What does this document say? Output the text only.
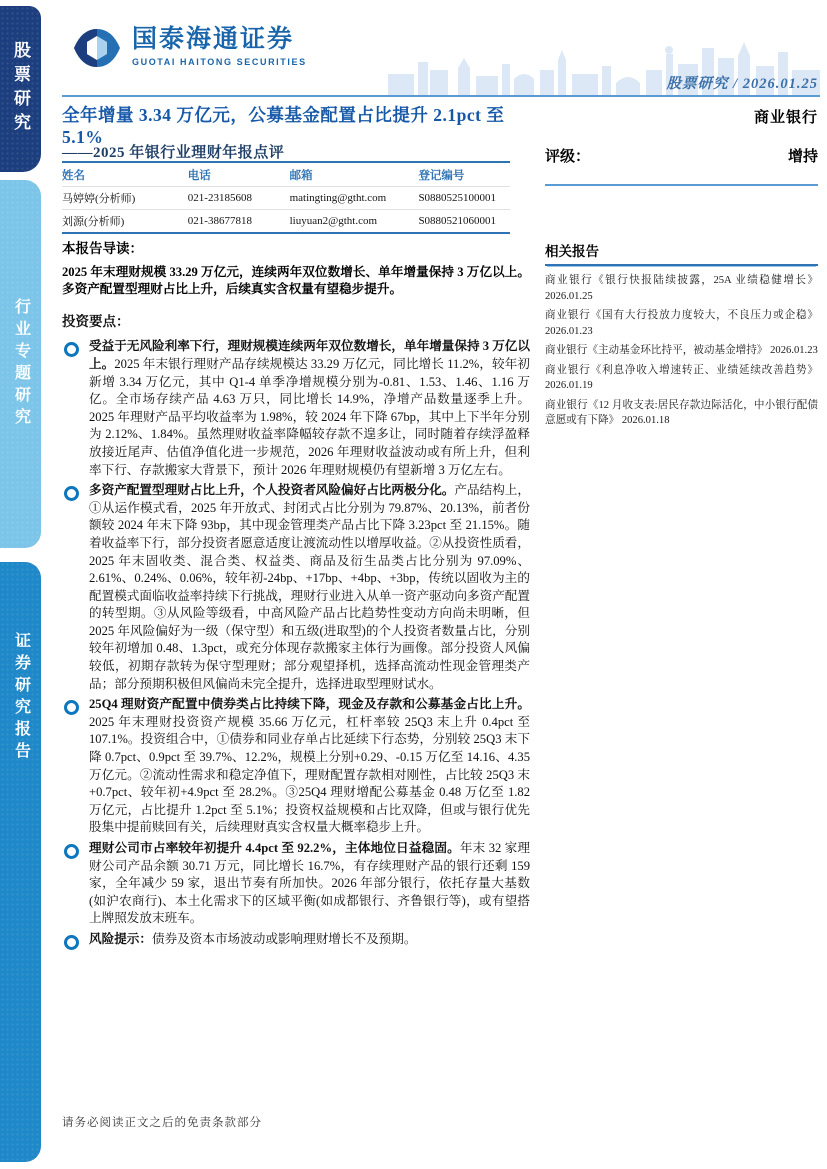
股票研究
行业专题研究
证券研究报告
国泰海通证券
GUOTAI HAITONG SECURITIES
股票研究 / 2026.01.25
全年增量 3.34 万亿元，公募基金配置占比提升 2.1pct 至 5.1%
商业银行
——2025 年银行业理财年报点评	评级：	增持
姓名	电话	邮箱	登记编号
马婷婷(分析师)	021-23185608	matingting@gtht.com	S0880525100001
刘源(分析师)	021-38677818	liuyuan2@gtht.com	S0880521060001

本报告导读：

2025 年末理财规模 33.29 万亿元，连续两年双位数增长、单年增量保持 3 万亿以上。多资产配置型理财占比上升，后续真实含权量有望稳步提升。

投资要点：

受益于无风险利率下行，理财规模连续两年双位数增长，单年增量保持 3 万亿以上。2025 年末银行理财产品存续规模达 33.29 万亿元，同比增长 11.2%，较年初新增 3.34 万亿元，其中 Q1-4 单季净增规模分别为-0.81、1.53、1.46、1.16 万亿。全市场存续产品 4.63 万只，同比增长 14.9%，净增产品数量逐季上升。2025 年理财产品平均收益率为 1.98%，较 2024 年下降 67bp，其中上下半年分别为 2.12%、1.84%。虽然理财收益率降幅较存款不遑多让，同时随着存续浮盈释放接近尾声、估值净值化进一步规范，2026 年理财收益波动或有所上升，但利率下行、存款搬家大背景下，预计 2026 年理财规模仍有望新增 3 万亿左右。
多资产配置型理财占比上升，个人投资者风险偏好占比两极分化。产品结构上，①从运作模式看，2025 年开放式、封闭式占比分别为 79.87%、20.13%，前者份额较 2024 年末下降 93bp，其中现金管理类产品占比下降 3.23pct 至 21.15%。随着收益率下行，部分投资者愿意适度让渡流动性以增厚收益。②从投资性质看，2025 年末固收类、混合类、权益类、商品及衍生品类占比分别为 97.09%、2.61%、0.24%、0.06%，较年初-24bp、+17bp、+4bp、+3bp，传统以固收为主的配置模式面临收益率持续下行挑战，理财行业进入从单一资产驱动向多资产配置的转型期。③从风险等级看，中高风险产品占比趋势性变动方向尚未明晰，但 2025 年风险偏好为一级（保守型）和五级(进取型)的个人投资者数量占比，分别较年初增加 0.48、1.3pct，或充分体现存款搬家主体行为画像。部分投资人风偏较低，初期存款转为保守型理财；部分观望择机，选择高流动性现金管理类产品；部分预期积极但风偏尚未完全提升，选择进取型理财试水。
25Q4 理财资产配置中债券类占比持续下降，现金及存款和公募基金占比上升。2025 年末理财投资资产规模 35.66 万亿元，杠杆率较 25Q3 末上升 0.4pct 至 107.1%。投资组合中，①债券和同业存单占比延续下行态势，分别较 25Q3 末下降 0.7pct、0.9pct 至 39.7%、12.2%，规模上分别+0.29、-0.15 万亿至 14.16、4.35 万亿元。②流动性需求和稳定净值下，理财配置存款相对刚性，占比较 25Q3 末+0.7pct、较年初+4.9pct 至 28.2%。③25Q4 理财增配公募基金 0.48 万亿至 1.82 万亿元，占比提升 1.2pct 至 5.1%；投资权益规模和占比双降，但或与银行优先股集中提前赎回有关，后续理财真实含权量大概率稳步上升。
理财公司市占率较年初提升 4.4pct 至 92.2%，主体地位日益稳固。年末 32 家理财公司产品余额 30.71 万元，同比增长 16.7%，有存续理财产品的银行还剩 159 家，全年减少 59 家，退出节奏有所加快。2026 年部分银行，依托存量大基数(如沪农商行)、本土化需求下的区域平衡(如成都银行、齐鲁银行等)，或有望搭上牌照发放末班车。
风险提示：债券及资本市场波动或影响理财增长不及预期。

相关报告

商业银行《银行快报陆续披露，25A 业绩稳健增长》 2026.01.25
商业银行《国有大行投放力度较大，不良压力或企稳》 2026.01.23
商业银行《主动基金环比持平，被动基金增持》 2026.01.23
商业银行《利息净收入增速转正、业绩延续改善趋势》 2026.01.19
商业银行《12 月收支表:居民存款边际活化，中小银行配债意愿或有下降》 2026.01.18
请务必阅读正文之后的免责条款部分
